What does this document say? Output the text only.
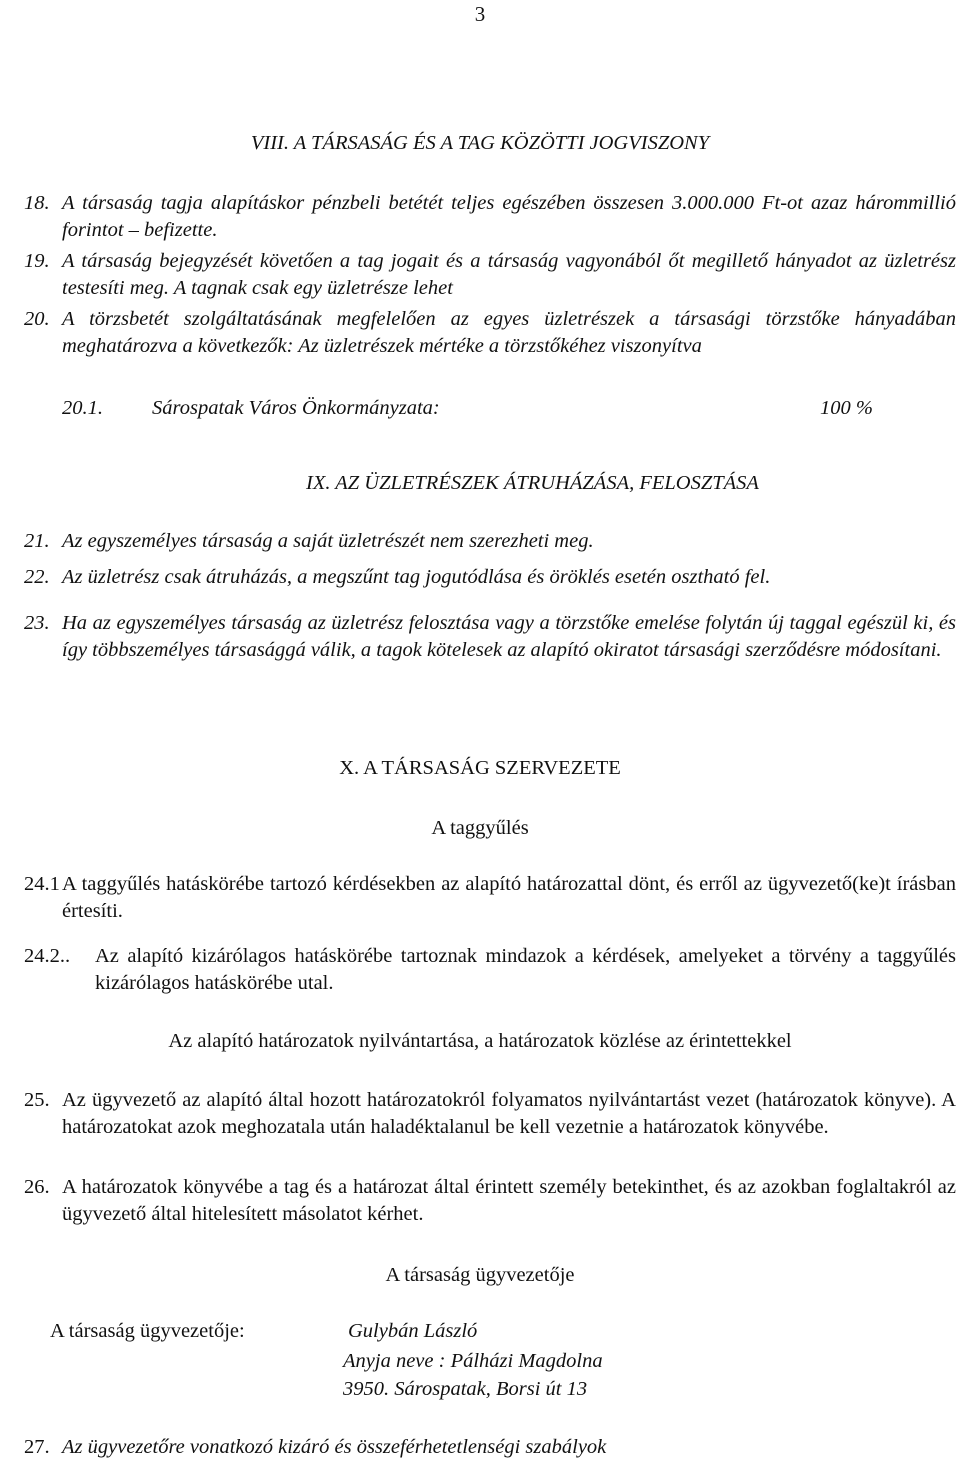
3
VIII. A TÁRSASÁG ÉS A TAG KÖZÖTTI JOGVISZONY
18. A társaság tagja alapításkor pénzbeli betétét teljes egészében összesen 3.000.000 Ft-ot azaz hárommillió forintot – befizette.
19. A társaság bejegyzését követően a tag jogait és a társaság vagyonából őt megillető hányadot az üzletrész testesíti meg. A tagnak csak egy üzletrésze lehet
20. A törzsbetét szolgáltatásának megfelelően az egyes üzletrészek a társasági törzstőke hányadában meghatározva a következők: Az üzletrészek mértéke a törzstőkéhez viszonyítva
20.1. Sárospatak Város Önkormányzata:	100 %
IX. AZ ÜZLETRÉSZEK ÁTRUHÁZÁSA, FELOSZTÁSA
21. Az egyszemélyes társaság a saját üzletrészét nem szerezheti meg.
22. Az üzletrész csak átruházás, a megszűnt tag jogutódlása és öröklés esetén osztható fel.
23. Ha az egyszemélyes társaság az üzletrész felosztása vagy a törzstőke emelése folytán új taggal egészül ki, és így többszemélyes társasággá válik, a tagok kötelesek az alapító okiratot társasági szerződésre módosítani.
X. A TÁRSASÁG SZERVEZETE
A taggyűlés
24.1 A taggyűlés hatáskörébe tartozó kérdésekben az alapító határozattal dönt, és erről az ügyvezető(ke)t írásban értesíti.
24.2.. Az alapító kizárólagos hatáskörébe tartoznak mindazok a kérdések, amelyeket a törvény a taggyűlés kizárólagos hatáskörébe utal.
Az alapító határozatok nyilvántartása, a határozatok közlése az érintettekkel
25. Az ügyvezető az alapító által hozott határozatokról folyamatos nyilvántartást vezet (határozatok könyve). A határozatokat azok meghozatala után haladéktalanul be kell vezetnie a határozatok könyvébe.
26. A határozatok könyvébe a tag és a határozat által érintett személy betekinthet, és az azokban foglaltakról az ügyvezető által hitelesített másolatot kérhet.
A társaság ügyvezetője
A társaság ügyvezetője:	Gulybán László
Anyja neve : Pálházi Magdolna
3950. Sárospatak, Borsi út 13
27. Az ügyvezetőre vonatkozó kizáró és összeférhetetlenségi szabályok
